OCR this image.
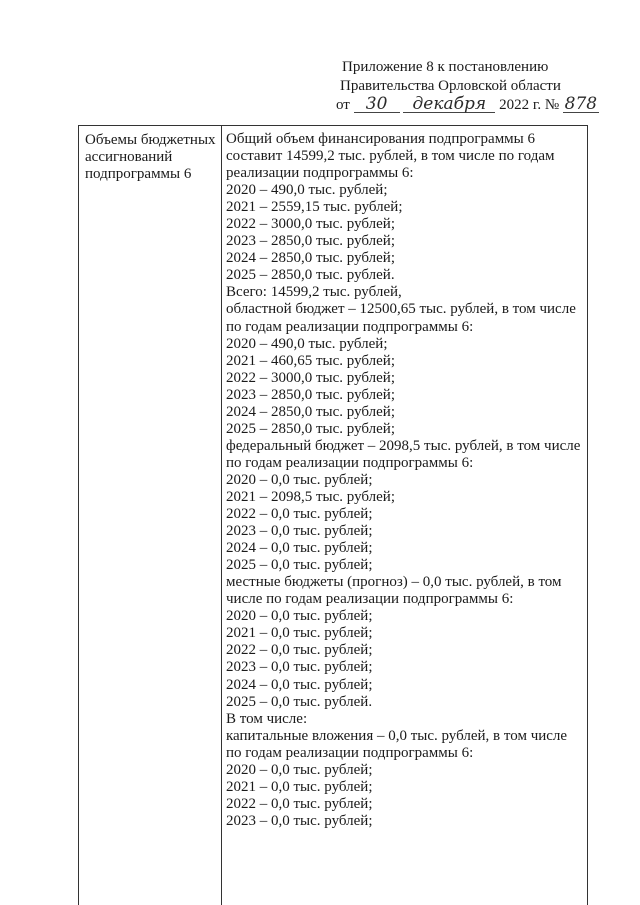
Приложение 8 к постановлению
Правительства Орловской области
от 30 декабря 2022 г. № 878
Объемы бюджетных ассигнований подпрограммы 6
Общий объем финансирования подпрограммы 6
составит 14599,2 тыс. рублей, в том числе по годам
реализации подпрограммы 6:
2020 – 490,0 тыс. рублей;
2021 – 2559,15 тыс. рублей;
2022 – 3000,0 тыс. рублей;
2023 – 2850,0 тыс. рублей;
2024 – 2850,0 тыс. рублей;
2025 – 2850,0 тыс. рублей.
Всего: 14599,2 тыс. рублей,
областной бюджет – 12500,65 тыс. рублей, в том числе
по годам реализации подпрограммы 6:
2020 – 490,0 тыс. рублей;
2021 – 460,65 тыс. рублей;
2022 – 3000,0 тыс. рублей;
2023 – 2850,0 тыс. рублей;
2024 – 2850,0 тыс. рублей;
2025 – 2850,0 тыс. рублей;
федеральный бюджет – 2098,5 тыс. рублей, в том числе
по годам реализации подпрограммы 6:
2020 – 0,0 тыс. рублей;
2021 – 2098,5 тыс. рублей;
2022 – 0,0 тыс. рублей;
2023 – 0,0 тыс. рублей;
2024 – 0,0 тыс. рублей;
2025 – 0,0 тыс. рублей;
местные бюджеты (прогноз) – 0,0 тыс. рублей, в том
числе по годам реализации подпрограммы 6:
2020 – 0,0 тыс. рублей;
2021 – 0,0 тыс. рублей;
2022 – 0,0 тыс. рублей;
2023 – 0,0 тыс. рублей;
2024 – 0,0 тыс. рублей;
2025 – 0,0 тыс. рублей.
В том числе:
капитальные вложения – 0,0 тыс. рублей, в том числе
по годам реализации подпрограммы 6:
2020 – 0,0 тыс. рублей;
2021 – 0,0 тыс. рублей;
2022 – 0,0 тыс. рублей;
2023 – 0,0 тыс. рублей;
